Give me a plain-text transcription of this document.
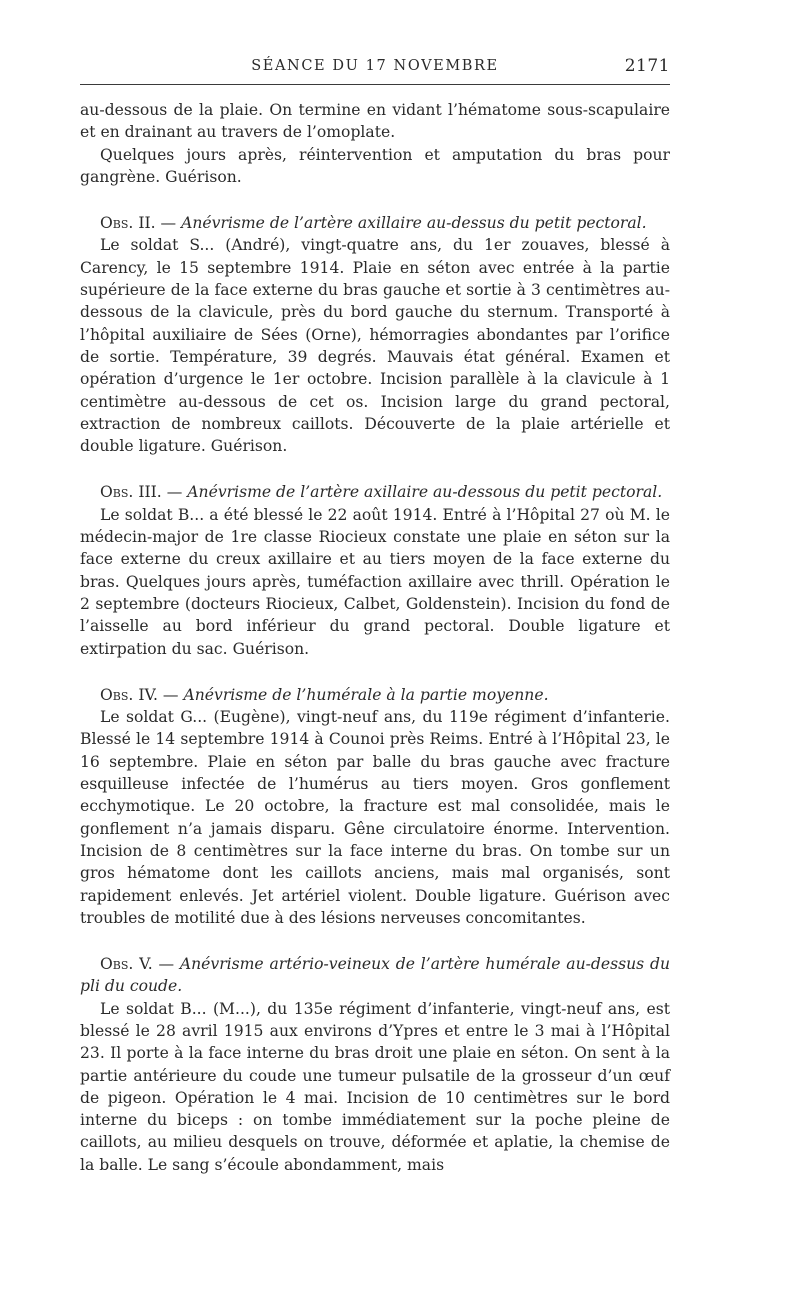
SÉANCE DU 17 NOVEMBRE	2171

au-dessous de la plaie. On termine en vidant l’hématome sous-scapulaire et en drainant au travers de l’omoplate.

Quelques jours après, réintervention et amputation du bras pour gangrène. Guérison.

Obs. II. — Anévrisme de l’artère axillaire au-dessus du petit pectoral.

Le soldat S... (André), vingt-quatre ans, du 1er zouaves, blessé à Carency, le 15 septembre 1914. Plaie en séton avec entrée à la partie supérieure de la face externe du bras gauche et sortie à 3 centimètres au-dessous de la clavicule, près du bord gauche du sternum. Transporté à l’hôpital auxiliaire de Sées (Orne), hémorragies abondantes par l’orifice de sortie. Température, 39 degrés. Mauvais état général. Examen et opération d’urgence le 1er octobre. Incision parallèle à la clavicule à 1 centimètre au-dessous de cet os. Incision large du grand pectoral, extraction de nombreux caillots. Découverte de la plaie artérielle et double ligature. Guérison.

Obs. III. — Anévrisme de l’artère axillaire au-dessous du petit pectoral.

Le soldat B... a été blessé le 22 août 1914. Entré à l’Hôpital 27 où M. le médecin-major de 1re classe Riocieux constate une plaie en séton sur la face externe du creux axillaire et au tiers moyen de la face externe du bras. Quelques jours après, tuméfaction axillaire avec thrill. Opération le 2 septembre (docteurs Riocieux, Calbet, Goldenstein). Incision du fond de l’aisselle au bord inférieur du grand pectoral. Double ligature et extirpation du sac. Guérison.

Obs. IV. — Anévrisme de l’humérale à la partie moyenne.

Le soldat G... (Eugène), vingt-neuf ans, du 119e régiment d’infanterie. Blessé le 14 septembre 1914 à Counoi près Reims. Entré à l’Hôpital 23, le 16 septembre. Plaie en séton par balle du bras gauche avec fracture esquilleuse infectée de l’humérus au tiers moyen. Gros gonflement ecchymotique. Le 20 octobre, la fracture est mal consolidée, mais le gonflement n’a jamais disparu. Gêne circulatoire énorme. Intervention. Incision de 8 centimètres sur la face interne du bras. On tombe sur un gros hématome dont les caillots anciens, mais mal organisés, sont rapidement enlevés. Jet artériel violent. Double ligature. Guérison avec troubles de motilité due à des lésions nerveuses concomitantes.

Obs. V. — Anévrisme artério-veineux de l’artère humérale au-dessus du pli du coude.

Le soldat B... (M...), du 135e régiment d’infanterie, vingt-neuf ans, est blessé le 28 avril 1915 aux environs d’Ypres et entre le 3 mai à l’Hôpital 23. Il porte à la face interne du bras droit une plaie en séton. On sent à la partie antérieure du coude une tumeur pulsatile de la grosseur d’un œuf de pigeon. Opération le 4 mai. Incision de 10 centimètres sur le bord interne du biceps : on tombe immédiatement sur la poche pleine de caillots, au milieu desquels on trouve, déformée et aplatie, la chemise de la balle. Le sang s’écoule abondamment, mais
